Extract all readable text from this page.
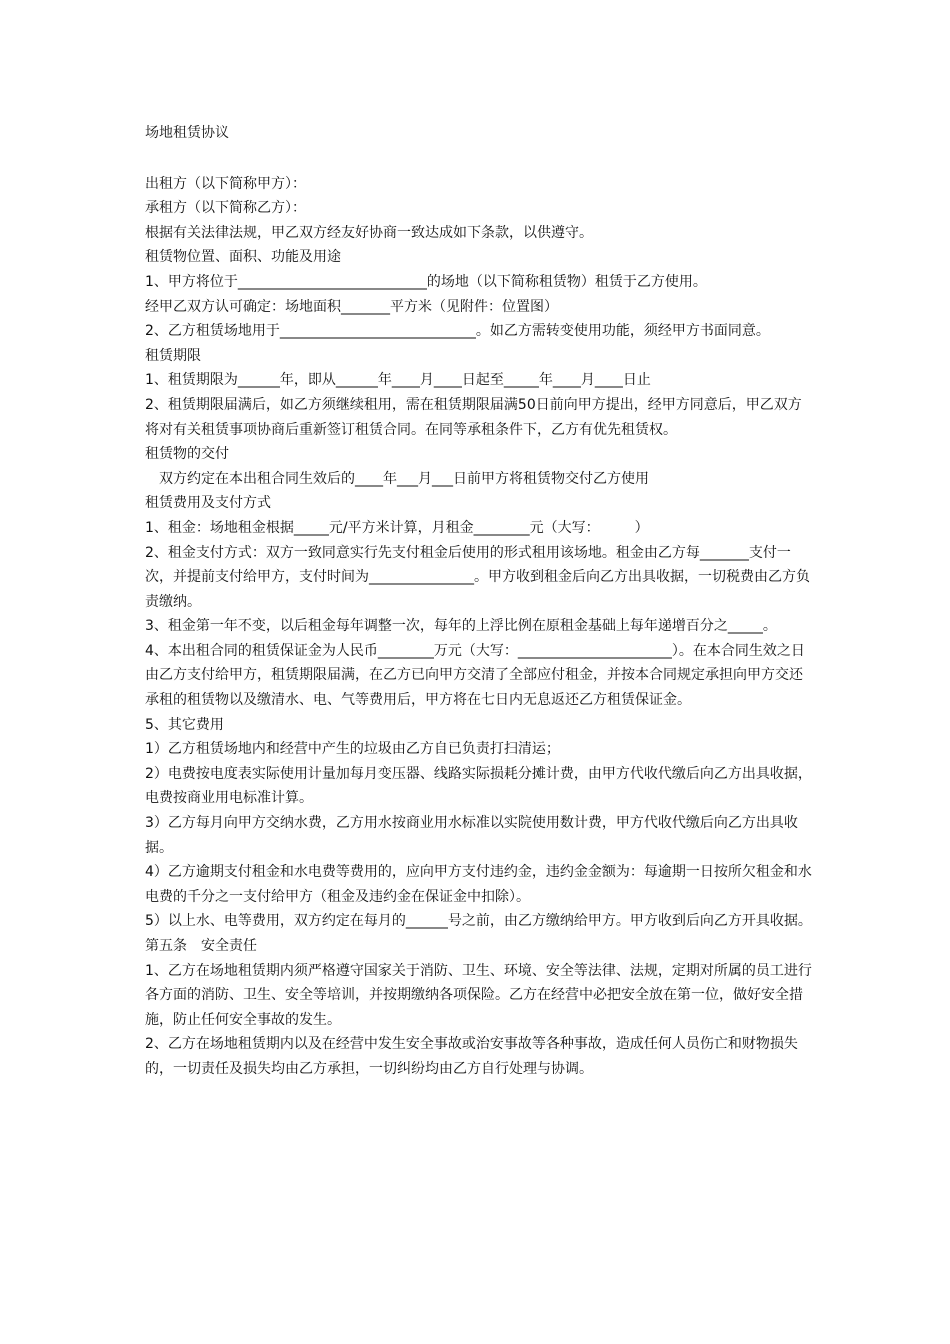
场地租赁协议

出租方（以下简称甲方）：

承租方（以下简称乙方）：

根据有关法律法规，甲乙双方经友好协商一致达成如下条款，以供遵守。

租赁物位置、面积、功能及用途

1、甲方将位于___________________________的场地（以下简称租赁物）租赁于乙方使用。

经甲乙双方认可确定：场地面积_______平方米（见附件：位置图）

2、乙方租赁场地用于____________________________。如乙方需转变使用功能，须经甲方书面同意。

租赁期限

1、租赁期限为______年，即从______年____月____日起至_____年____月____日止

2、租赁期限届满后，如乙方须继续租用，需在租赁期限届满50日前向甲方提出，经甲方同意后，甲乙双方将对有关租赁事项协商后重新签订租赁合同。在同等承租条件下，乙方有优先租赁权。

租赁物的交付

　双方约定在本出租合同生效后的____年___月___日前甲方将租赁物交付乙方使用

租赁费用及支付方式

1、租金：场地租金根据_____元/平方米计算，月租金________元（大写：　　　）

2、租金支付方式：双方一致同意实行先支付租金后使用的形式租用该场地。租金由乙方每_______支付一次，并提前支付给甲方，支付时间为_______________。甲方收到租金后向乙方出具收据，一切税费由乙方负责缴纳。

3、租金第一年不变，以后租金每年调整一次，每年的上浮比例在原租金基础上每年递增百分之_____。

4、本出租合同的租赁保证金为人民币________万元（大写：______________________）。在本合同生效之日由乙方支付给甲方，租赁期限届满，在乙方已向甲方交清了全部应付租金，并按本合同规定承担向甲方交还承租的租赁物以及缴清水、电、气等费用后，甲方将在七日内无息返还乙方租赁保证金。

5、其它费用

1）乙方租赁场地内和经营中产生的垃圾由乙方自已负责打扫清运；

2）电费按电度表实际使用计量加每月变压器、线路实际损耗分摊计费，由甲方代收代缴后向乙方出具收据，电费按商业用电标准计算。

3）乙方每月向甲方交纳水费，乙方用水按商业用水标准以实院使用数计费，甲方代收代缴后向乙方出具收据。

4）乙方逾期支付租金和水电费等费用的，应向甲方支付违约金，违约金金额为：每逾期一日按所欠租金和水电费的千分之一支付给甲方（租金及违约金在保证金中扣除）。

5）以上水、电等费用，双方约定在每月的______号之前，由乙方缴纳给甲方。甲方收到后向乙方开具收据。

第五条　安全责任

1、乙方在场地租赁期内须严格遵守国家关于消防、卫生、环境、安全等法律、法规，定期对所属的员工进行各方面的消防、卫生、安全等培训，并按期缴纳各项保险。乙方在经营中必把安全放在第一位，做好安全措施，防止任何安全事故的发生。

2、乙方在场地租赁期内以及在经营中发生安全事故或治安事故等各种事故，造成任何人员伤亡和财物损失的，一切责任及损失均由乙方承担，一切纠纷均由乙方自行处理与协调。
